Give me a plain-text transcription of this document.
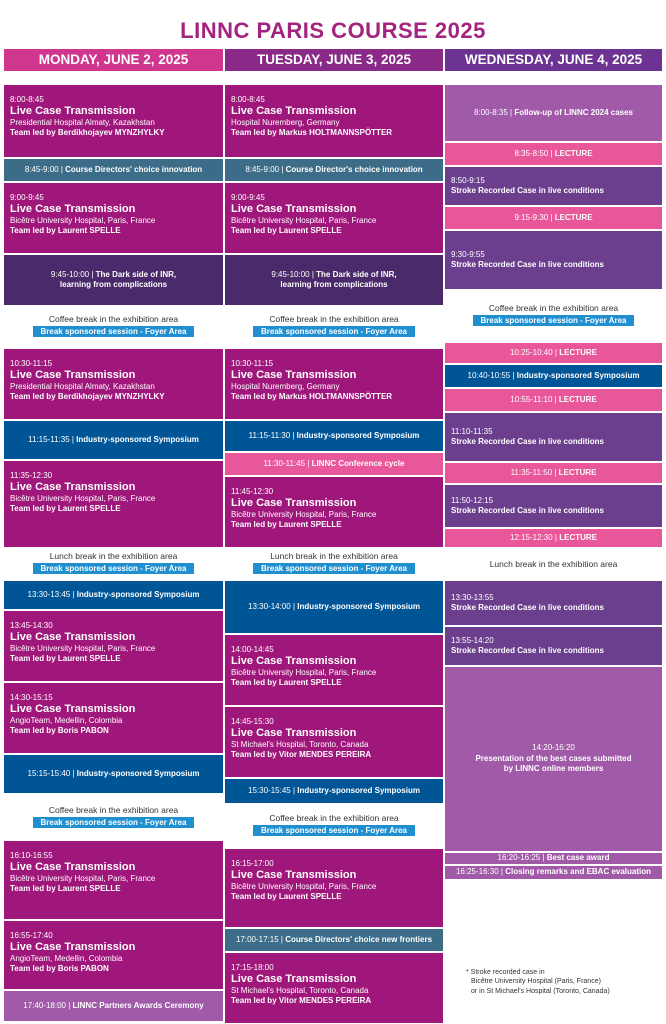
LINNC PARIS COURSE 2025
MONDAY, JUNE 2, 2025	TUESDAY, JUNE 3, 2025	WEDNESDAY, JUNE 4, 2025
8:00-8:45
Live Case Transmission
Presidential Hospital Almaty, Kazakhstan
Team led by Berdikhojayev MYNZHYLKY
8:45-9:00 | Course Directors' choice innovation
9:00-9:45
Live Case Transmission
Bicêtre University Hospital, Paris, France
Team led by Laurent SPELLE
9:45-10:00 | The Dark side of INR,
learning from complications
Coffee break in the exhibition area
Break sponsored session - Foyer Area
10:30-11:15
Live Case Transmission
Presidential Hospital Almaty, Kazakhstan
Team led by Berdikhojayev MYNZHYLKY
11:15-11:35 | Industry-sponsored Symposium
11:35-12:30
Live Case Transmission
Bicêtre University Hospital, Paris, France
Team led by Laurent SPELLE
Lunch break in the exhibition area
Break sponsored session - Foyer Area
13:30-13:45 | Industry-sponsored Symposium
13:45-14:30
Live Case Transmission
Bicêtre University Hospital, Paris, France
Team led by Laurent SPELLE
14:30-15:15
Live Case Transmission
AngioTeam, Medellin, Colombia
Team led by Boris PABON
15:15-15:40 | Industry-sponsored Symposium
Coffee break in the exhibition area
Break sponsored session - Foyer Area
16:10-16:55
Live Case Transmission
Bicêtre University Hospital, Paris, France
Team led by Laurent SPELLE
16:55-17:40
Live Case Transmission
AngioTeam, Medellin, Colombia
Team led by Boris PABON
17:40-18:00 | LINNC Partners Awards Ceremony
8:00-8:45
Live Case Transmission
Hospital Nuremberg, Germany
Team led by Markus HOLTMANNSPÖTTER
8:45-9:00 | Course Director's choice innovation
9:00-9:45
Live Case Transmission
Bicêtre University Hospital, Paris, France
Team led by Laurent SPELLE
9:45-10:00 | The Dark side of INR,
learning from complications
Coffee break in the exhibition area
Break sponsored session - Foyer Area
10:30-11:15
Live Case Transmission
Hospital Nuremberg, Germany
Team led by Markus HOLTMANNSPÖTTER
11:15-11:30 | Industry-sponsored Symposium
11:30-11:45 | LINNC Conference cycle
11:45-12:30
Live Case Transmission
Bicêtre University Hospital, Paris, France
Team led by Laurent SPELLE
Lunch break in the exhibition area
Break sponsored session - Foyer Area
13:30-14:00 | Industry-sponsored Symposium
14:00-14:45
Live Case Transmission
Bicêtre University Hospital, Paris, France
Team led by Laurent SPELLE
14:45-15:30
Live Case Transmission
St Michael's Hospital, Toronto, Canada
Team led by Vitor MENDES PEREIRA
15:30-15:45 | Industry-sponsored Symposium
Coffee break in the exhibition area
Break sponsored session - Foyer Area
16:15-17:00
Live Case Transmission
Bicêtre University Hospital, Paris, France
Team led by Laurent SPELLE
17:00-17:15 | Course Directors' choice new frontiers
17:15-18:00
Live Case Transmission
St Michael's Hospital, Toronto, Canada
Team led by Vitor MENDES PEREIRA
8:00-8:35 | Follow-up of LINNC 2024 cases
8:35-8:50 | LECTURE
8:50-9:15
Stroke Recorded Case in live conditions
9:15-9:30 | LECTURE
9:30-9:55
Stroke Recorded Case in live conditions
Coffee break in the exhibition area
Break sponsored session - Foyer Area
10:25-10:40 | LECTURE
10:40-10:55 | Industry-sponsored Symposium
10:55-11:10 | LECTURE
11:10-11:35
Stroke Recorded Case in live conditions
11:35-11:50 | LECTURE
11:50-12:15
Stroke Recorded Case in live conditions
12:15-12:30 | LECTURE
Lunch break in the exhibition area
13:30-13:55
Stroke Recorded Case in live conditions
13:55-14:20
Stroke Recorded Case in live conditions
14:20-16:20
Presentation of the best cases submitted
by LINNC online members
16:20-16:25 | Best case award
16:25-16:30 | Closing remarks and EBAC evaluation
* Stroke recorded case in
Bicêtre University Hospital (Paris, France)
or in St Michael's Hospital (Toronto, Canada)
